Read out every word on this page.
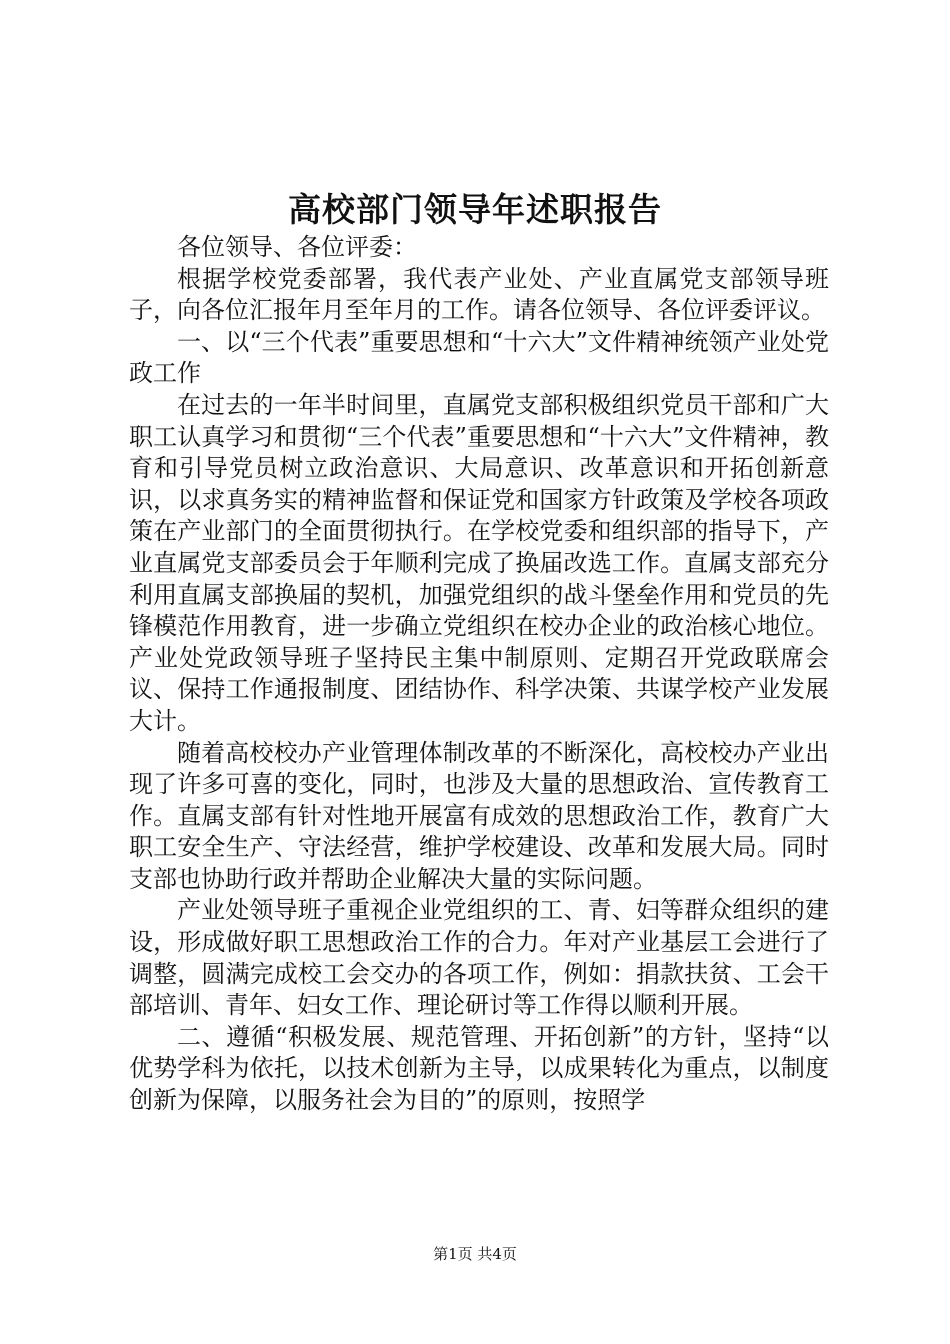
高校部门领导年述职报告

各位领导、各位评委：

根据学校党委部署，我代表产业处、产业直属党支部领导班子，向各位汇报年月至年月的工作。请各位领导、各位评委评议。

一、以“三个代表”重要思想和“十六大”文件精神统领产业处党政工作

在过去的一年半时间里，直属党支部积极组织党员干部和广大职工认真学习和贯彻“三个代表”重要思想和“十六大”文件精神，教育和引导党员树立政治意识、大局意识、改革意识和开拓创新意识，以求真务实的精神监督和保证党和国家方针政策及学校各项政策在产业部门的全面贯彻执行。在学校党委和组织部的指导下，产业直属党支部委员会于年顺利完成了换届改选工作。直属支部充分利用直属支部换届的契机，加强党组织的战斗堡垒作用和党员的先锋模范作用教育，进一步确立党组织在校办企业的政治核心地位。产业处党政领导班子坚持民主集中制原则、定期召开党政联席会议、保持工作通报制度、团结协作、科学决策、共谋学校产业发展大计。

随着高校校办产业管理体制改革的不断深化，高校校办产业出现了许多可喜的变化，同时，也涉及大量的思想政治、宣传教育工作。直属支部有针对性地开展富有成效的思想政治工作，教育广大职工安全生产、守法经营，维护学校建设、改革和发展大局。同时支部也协助行政并帮助企业解决大量的实际问题。

产业处领导班子重视企业党组织的工、青、妇等群众组织的建设，形成做好职工思想政治工作的合力。年对产业基层工会进行了调整，圆满完成校工会交办的各项工作，例如：捐款扶贫、工会干部培训、青年、妇女工作、理论研讨等工作得以顺利开展。

二、遵循“积极发展、规范管理、开拓创新”的方针，坚持“以优势学科为依托，以技术创新为主导，以成果转化为重点，以制度创新为保障，以服务社会为目的”的原则，按照学

第1页 共4页
